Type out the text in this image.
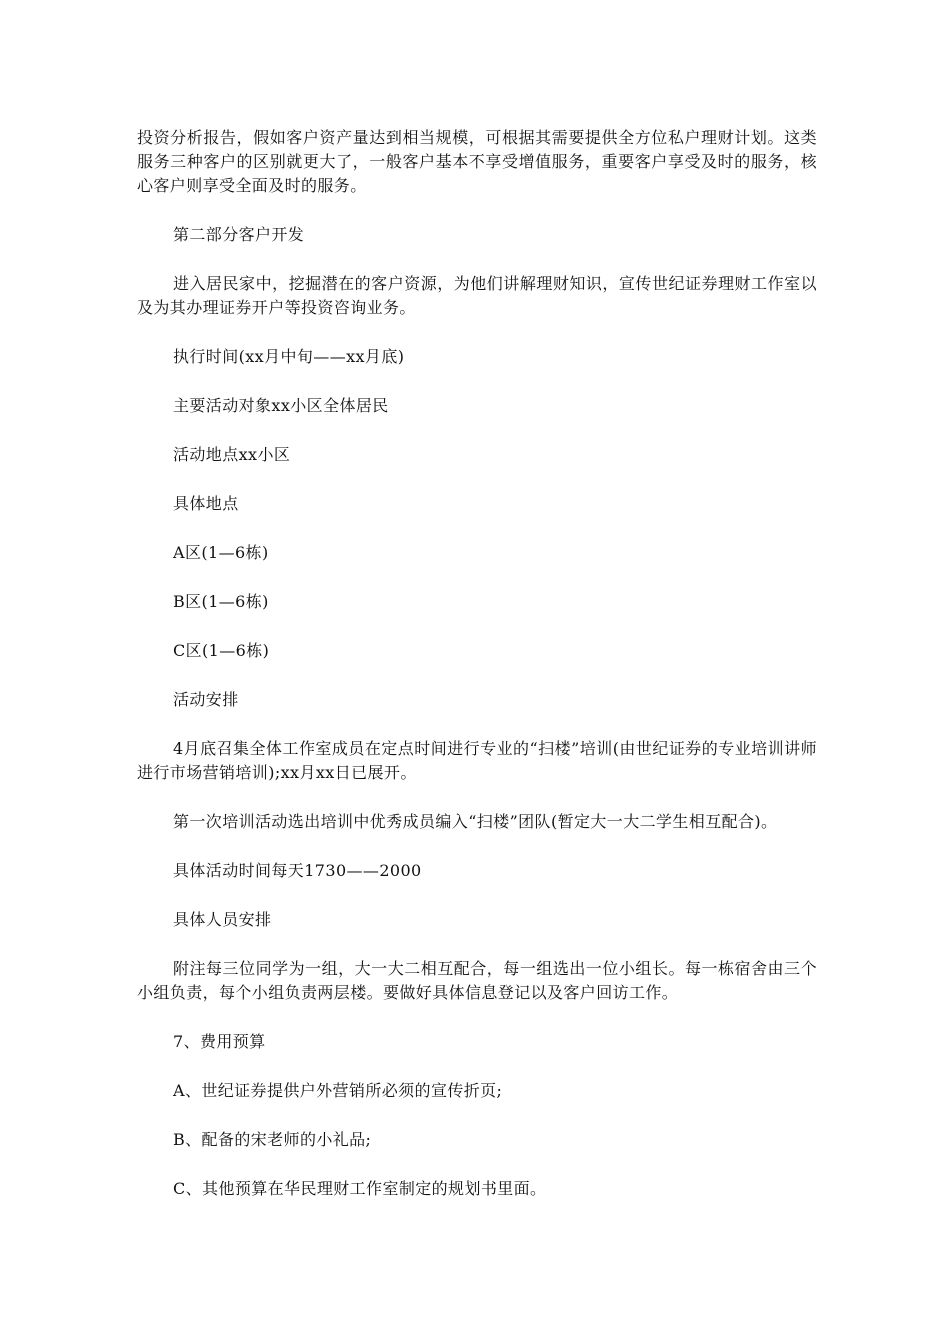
投资分析报告，假如客户资产量达到相当规模，可根据其需要提供全方位私户理财计划。这类服务三种客户的区别就更大了，一般客户基本不享受增值服务，重要客户享受及时的服务，核心客户则享受全面及时的服务。

第二部分客户开发

进入居民家中，挖掘潜在的客户资源，为他们讲解理财知识，宣传世纪证券理财工作室以及为其办理证券开户等投资咨询业务。

执行时间(xx月中旬——xx月底)

主要活动对象xx小区全体居民

活动地点xx小区

具体地点

A区(1—6栋)

B区(1—6栋)

C区(1—6栋)

活动安排

4月底召集全体工作室成员在定点时间进行专业的“扫楼”培训(由世纪证券的专业培训讲师进行市场营销培训);xx月xx日已展开。

第一次培训活动选出培训中优秀成员编入“扫楼”团队(暂定大一大二学生相互配合)。

具体活动时间每天1730——2000

具体人员安排

附注每三位同学为一组，大一大二相互配合，每一组选出一位小组长。每一栋宿舍由三个小组负责，每个小组负责两层楼。要做好具体信息登记以及客户回访工作。

7、费用预算

A、世纪证券提供户外营销所必须的宣传折页;

B、配备的宋老师的小礼品;

C、其他预算在华民理财工作室制定的规划书里面。
